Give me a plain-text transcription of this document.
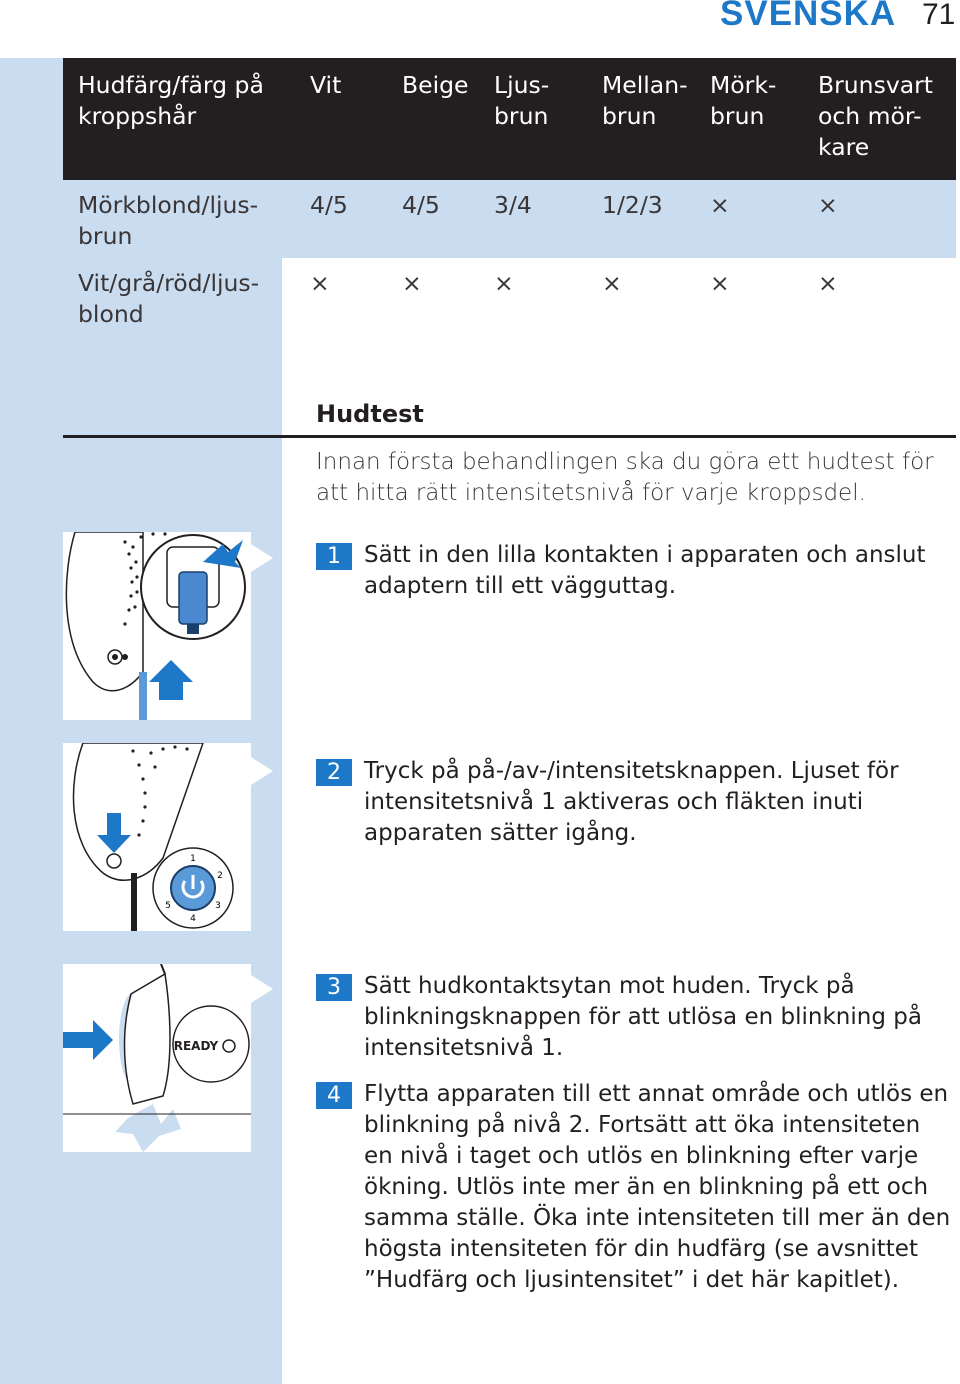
SVENSKA 71
Hudfärg/färg på kroppshår	Vit	Beige	Ljus-brun	Mellan-brun	Mörk-brun	Brunsvart och mör-kare
Mörkblond/ljus-brun	4/5	4/5	3/4	1/2/3	×	×
Vit/grå/röd/ljus-blond	×	×	×	×	×	×
Hudtest
Innan första behandlingen ska du göra ett hudtest för att hitta rätt intensitetsnivå för varje kroppsdel.
1
2
3
4
5
READY
1	Sätt in den lilla kontakten i apparaten och anslut adaptern till ett vägguttag.
2	Tryck på på-/av-/intensitetsknappen. Ljuset för intensitetsnivå 1 aktiveras och fläkten inuti apparaten sätter igång.
3	Sätt hudkontaktsytan mot huden. Tryck på blinkningsknappen för att utlösa en blinkning på intensitetsnivå 1.
4	Flytta apparaten till ett annat område och utlös en blinkning på nivå 2. Fortsätt att öka intensiteten en nivå i taget och utlös en blinkning efter varje ökning. Utlös inte mer än en blinkning på ett och samma ställe. Öka inte intensiteten till mer än den högsta intensiteten för din hudfärg (se avsnittet ”Hudfärg och ljusintensitet” i det här kapitlet).
